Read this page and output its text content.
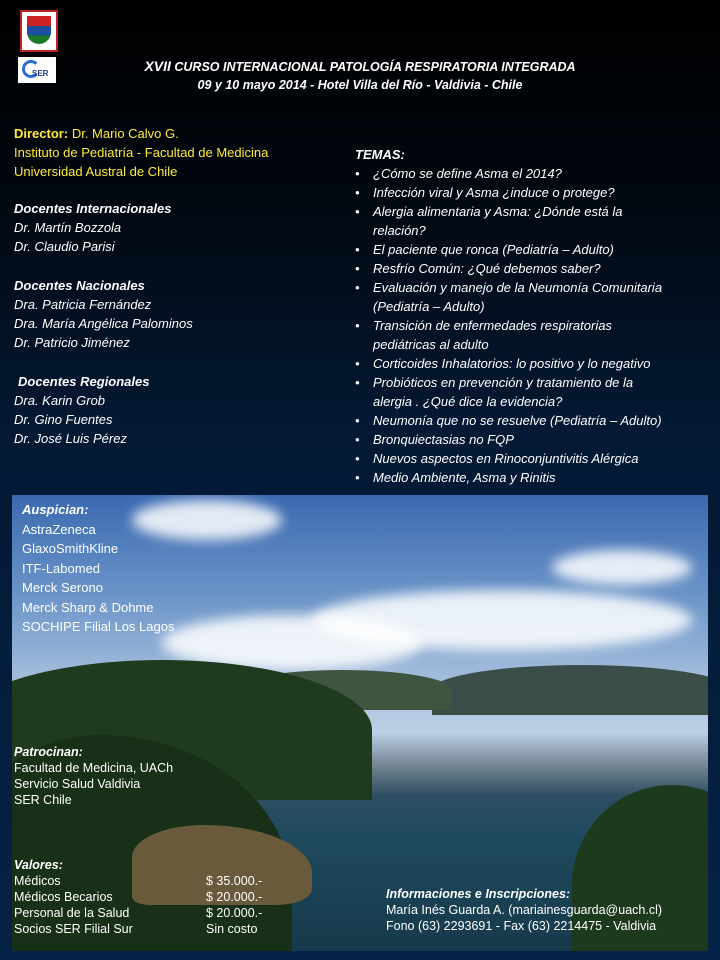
SER	XVII CURSO INTERNACIONAL PATOLOGÍA RESPIRATORIA INTEGRADA
09 y 10 mayo 2014 - Hotel Villa del Río - Valdivia - Chile
Director: Dr. Mario Calvo G.
Instituto de Pediatría - Facultad de Medicina
Universidad Austral de Chile
Docentes Internacionales
Dr. Martín Bozzola
Dr. Claudio Parisi
Docentes Nacionales
Dra. Patricia Fernández
Dra. María Angélica Palominos
Dr. Patricio Jiménez
Docentes Regionales
Dra. Karin Grob
Dr. Gino Fuentes
Dr. José Luis Pérez
TEMAS:
• ¿Cómo se define Asma el 2014?
• Infección viral y Asma ¿induce o protege?
• Alergia alimentaria y Asma: ¿Dónde está la
relación?
• El paciente que ronca (Pediatría – Adulto)
• Resfrío Común: ¿Qué debemos saber?
• Evaluación y manejo de la Neumonía Comunitaria
(Pediatría – Adulto)
• Transición de enfermedades respiratorias
pediátricas al adulto
• Corticoides Inhalatorios: lo positivo y lo negativo
• Probióticos en prevención y tratamiento de la
alergia . ¿Qué dice la evidencia?
• Neumonía que no se resuelve (Pediatría – Adulto)
• Bronquiectasias no FQP
• Nuevos aspectos en Rinoconjuntivitis Alérgica
• Medio Ambiente, Asma y Rinitis
Auspician:
AstraZeneca
GlaxoSmithKline
ITF-Labomed
Merck Serono
Merck Sharp & Dohme
SOCHIPE Filial Los Lagos
Patrocinan:
Facultad de Medicina, UACh
Servicio Salud Valdivia
SER Chile
Valores:
Médicos	$ 35.000.-
Médicos Becarios	$ 20.000.-
Personal de la Salud	$ 20.000.-
Socios SER Filial Sur	Sin costo
Informaciones e Inscripciones:
María Inés Guarda A. (mariainesguarda@uach.cl)
Fono (63) 2293691 - Fax (63) 2214475 - Valdivia
